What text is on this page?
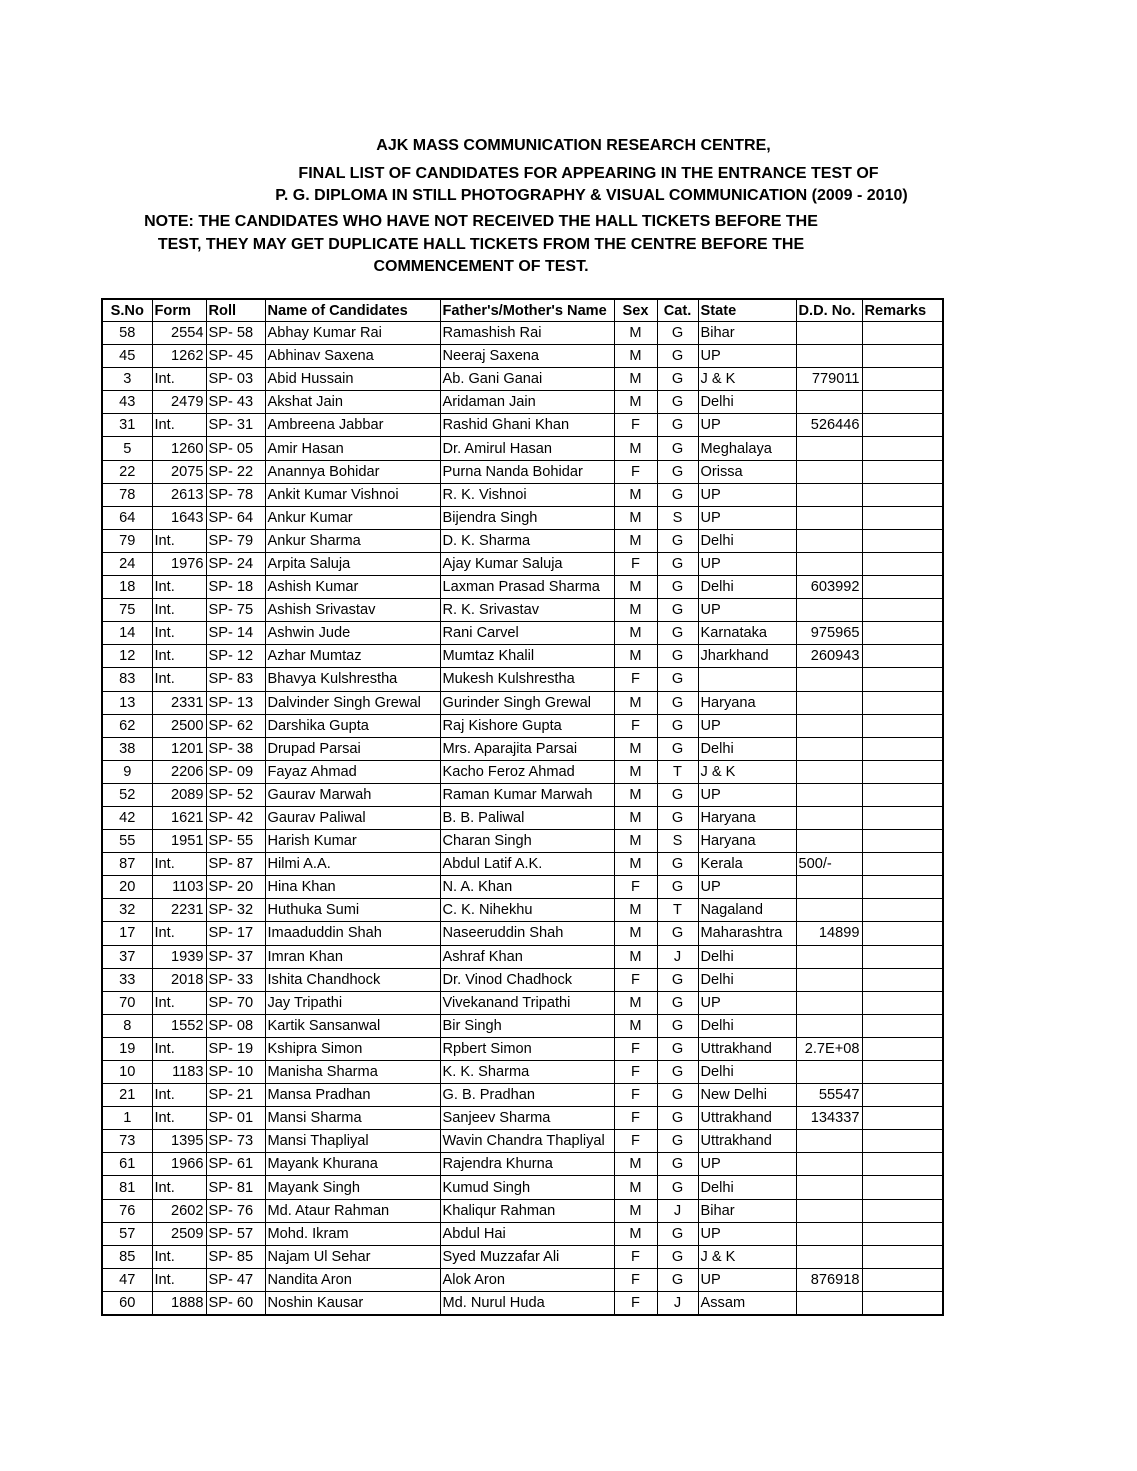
AJK MASS COMMUNICATION RESEARCH CENTRE,
FINAL LIST OF CANDIDATES FOR APPEARING IN THE ENTRANCE TEST OF
P. G. DIPLOMA IN STILL PHOTOGRAPHY & VISUAL COMMUNICATION (2009 - 2010)
NOTE: THE CANDIDATES WHO HAVE NOT RECEIVED THE HALL TICKETS BEFORE THE
TEST, THEY MAY GET DUPLICATE HALL TICKETS FROM THE CENTRE BEFORE THE
COMMENCEMENT OF TEST.
S.No	Form	Roll	Name of Candidates	Father's/Mother's Name	Sex	Cat.	State	D.D. No.	Remarks
58	2554	SP- 58	Abhay Kumar Rai	Ramashish Rai	M	G	Bihar		
45	1262	SP- 45	Abhinav Saxena	Neeraj Saxena	M	G	UP		
3	Int.	SP- 03	Abid Hussain	Ab. Gani Ganai	M	G	J & K	779011	
43	2479	SP- 43	Akshat Jain	Aridaman Jain	M	G	Delhi		
31	Int.	SP- 31	Ambreena Jabbar	Rashid Ghani Khan	F	G	UP	526446	
5	1260	SP- 05	Amir Hasan	Dr. Amirul Hasan	M	G	Meghalaya		
22	2075	SP- 22	Anannya Bohidar	Purna Nanda Bohidar	F	G	Orissa		
78	2613	SP- 78	Ankit Kumar Vishnoi	R. K. Vishnoi	M	G	UP		
64	1643	SP- 64	Ankur Kumar	Bijendra Singh	M	S	UP		
79	Int.	SP- 79	Ankur Sharma	D. K. Sharma	M	G	Delhi		
24	1976	SP- 24	Arpita Saluja	Ajay Kumar Saluja	F	G	UP		
18	Int.	SP- 18	Ashish Kumar	Laxman Prasad Sharma	M	G	Delhi	603992	
75	Int.	SP- 75	Ashish Srivastav	R. K. Srivastav	M	G	UP		
14	Int.	SP- 14	Ashwin Jude	Rani Carvel	M	G	Karnataka	975965	
12	Int.	SP- 12	Azhar Mumtaz	Mumtaz Khalil	M	G	Jharkhand	260943	
83	Int.	SP- 83	Bhavya Kulshrestha	Mukesh Kulshrestha	F	G			
13	2331	SP- 13	Dalvinder Singh Grewal	Gurinder Singh Grewal	M	G	Haryana		
62	2500	SP- 62	Darshika Gupta	Raj Kishore Gupta	F	G	UP		
38	1201	SP- 38	Drupad Parsai	Mrs. Aparajita Parsai	M	G	Delhi		
9	2206	SP- 09	Fayaz Ahmad	Kacho Feroz Ahmad	M	T	J & K		
52	2089	SP- 52	Gaurav Marwah	Raman Kumar Marwah	M	G	UP		
42	1621	SP- 42	Gaurav Paliwal	B. B. Paliwal	M	G	Haryana		
55	1951	SP- 55	Harish Kumar	Charan Singh	M	S	Haryana		
87	Int.	SP- 87	Hilmi A.A.	Abdul Latif A.K.	M	G	Kerala	500/-	
20	1103	SP- 20	Hina Khan	N. A. Khan	F	G	UP		
32	2231	SP- 32	Huthuka Sumi	C. K. Nihekhu	M	T	Nagaland		
17	Int.	SP- 17	Imaaduddin Shah	Naseeruddin Shah	M	G	Maharashtra	14899	
37	1939	SP- 37	Imran Khan	Ashraf Khan	M	J	Delhi		
33	2018	SP- 33	Ishita Chandhock	Dr. Vinod Chadhock	F	G	Delhi		
70	Int.	SP- 70	Jay Tripathi	Vivekanand Tripathi	M	G	UP		
8	1552	SP- 08	Kartik Sansanwal	Bir Singh	M	G	Delhi		
19	Int.	SP- 19	Kshipra Simon	Rpbert Simon	F	G	Uttrakhand	2.7E+08	
10	1183	SP- 10	Manisha Sharma	K. K. Sharma	F	G	Delhi		
21	Int.	SP- 21	Mansa Pradhan	G. B. Pradhan	F	G	New Delhi	55547	
1	Int.	SP- 01	Mansi Sharma	Sanjeev Sharma	F	G	Uttrakhand	134337	
73	1395	SP- 73	Mansi Thapliyal	Wavin Chandra Thapliyal	F	G	Uttrakhand		
61	1966	SP- 61	Mayank Khurana	Rajendra Khurna	M	G	UP		
81	Int.	SP- 81	Mayank Singh	Kumud Singh	M	G	Delhi		
76	2602	SP- 76	Md. Ataur Rahman	Khaliqur Rahman	M	J	Bihar		
57	2509	SP- 57	Mohd. Ikram	Abdul Hai	M	G	UP		
85	Int.	SP- 85	Najam Ul Sehar	Syed Muzzafar Ali	F	G	J & K		
47	Int.	SP- 47	Nandita Aron	Alok Aron	F	G	UP	876918	
60	1888	SP- 60	Noshin Kausar	Md. Nurul Huda	F	J	Assam		
